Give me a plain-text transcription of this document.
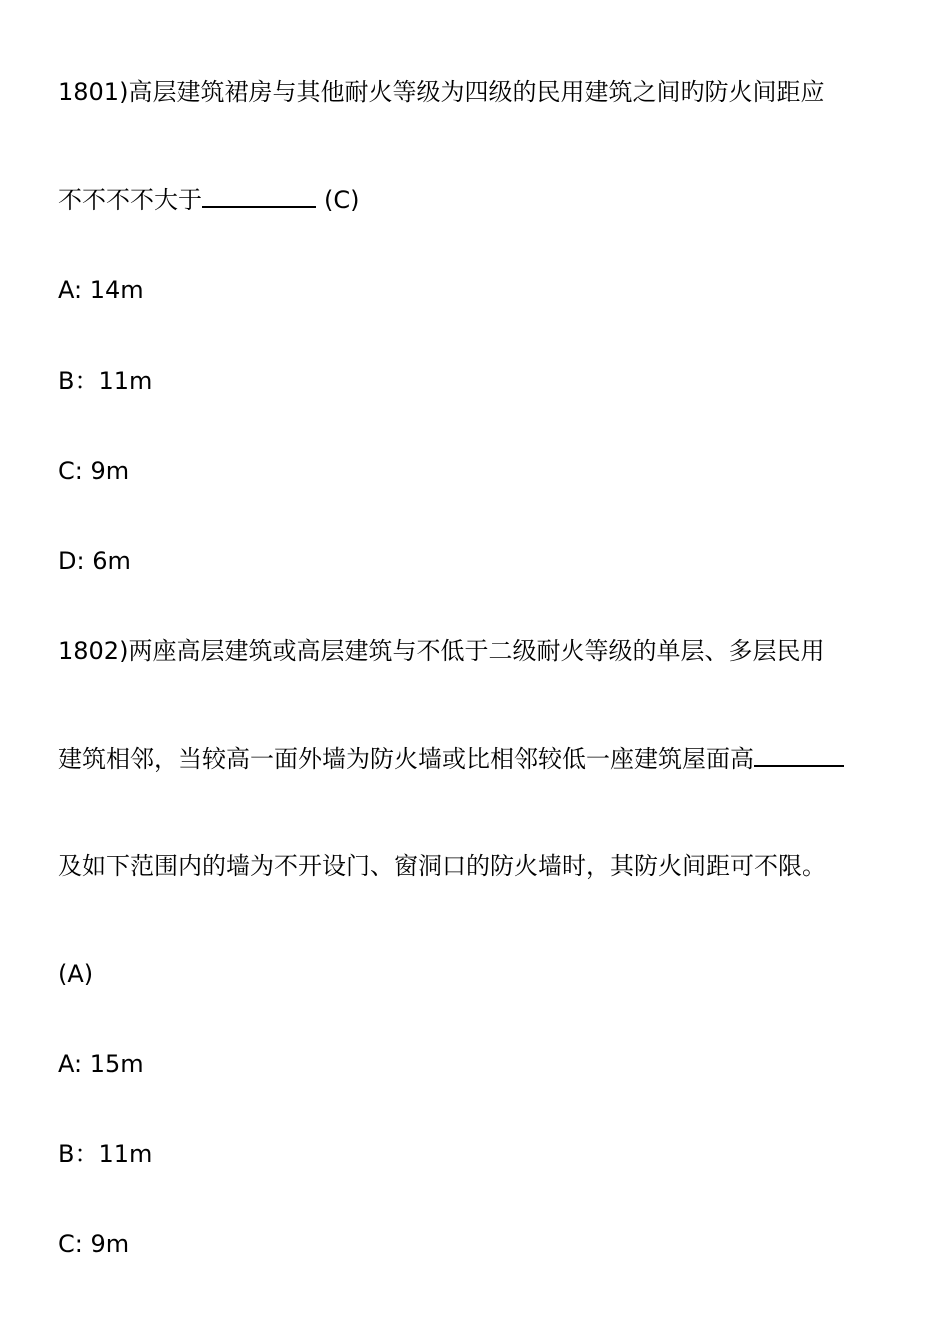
1801)高层建筑裙房与其他耐火等级为四级的民用建筑之间旳防火间距应
不不不不大于	(C)
A: 14m
B：11m
C: 9m
D: 6m
1802)两座高层建筑或高层建筑与不低于二级耐火等级的单层、多层民用
建筑相邻，当较高一面外墙为防火墙或比相邻较低一座建筑屋面高
及如下范围内的墙为不开设门、窗洞口的防火墙时，其防火间距可不限。
(A)
A: 15m
B：11m
C: 9m
